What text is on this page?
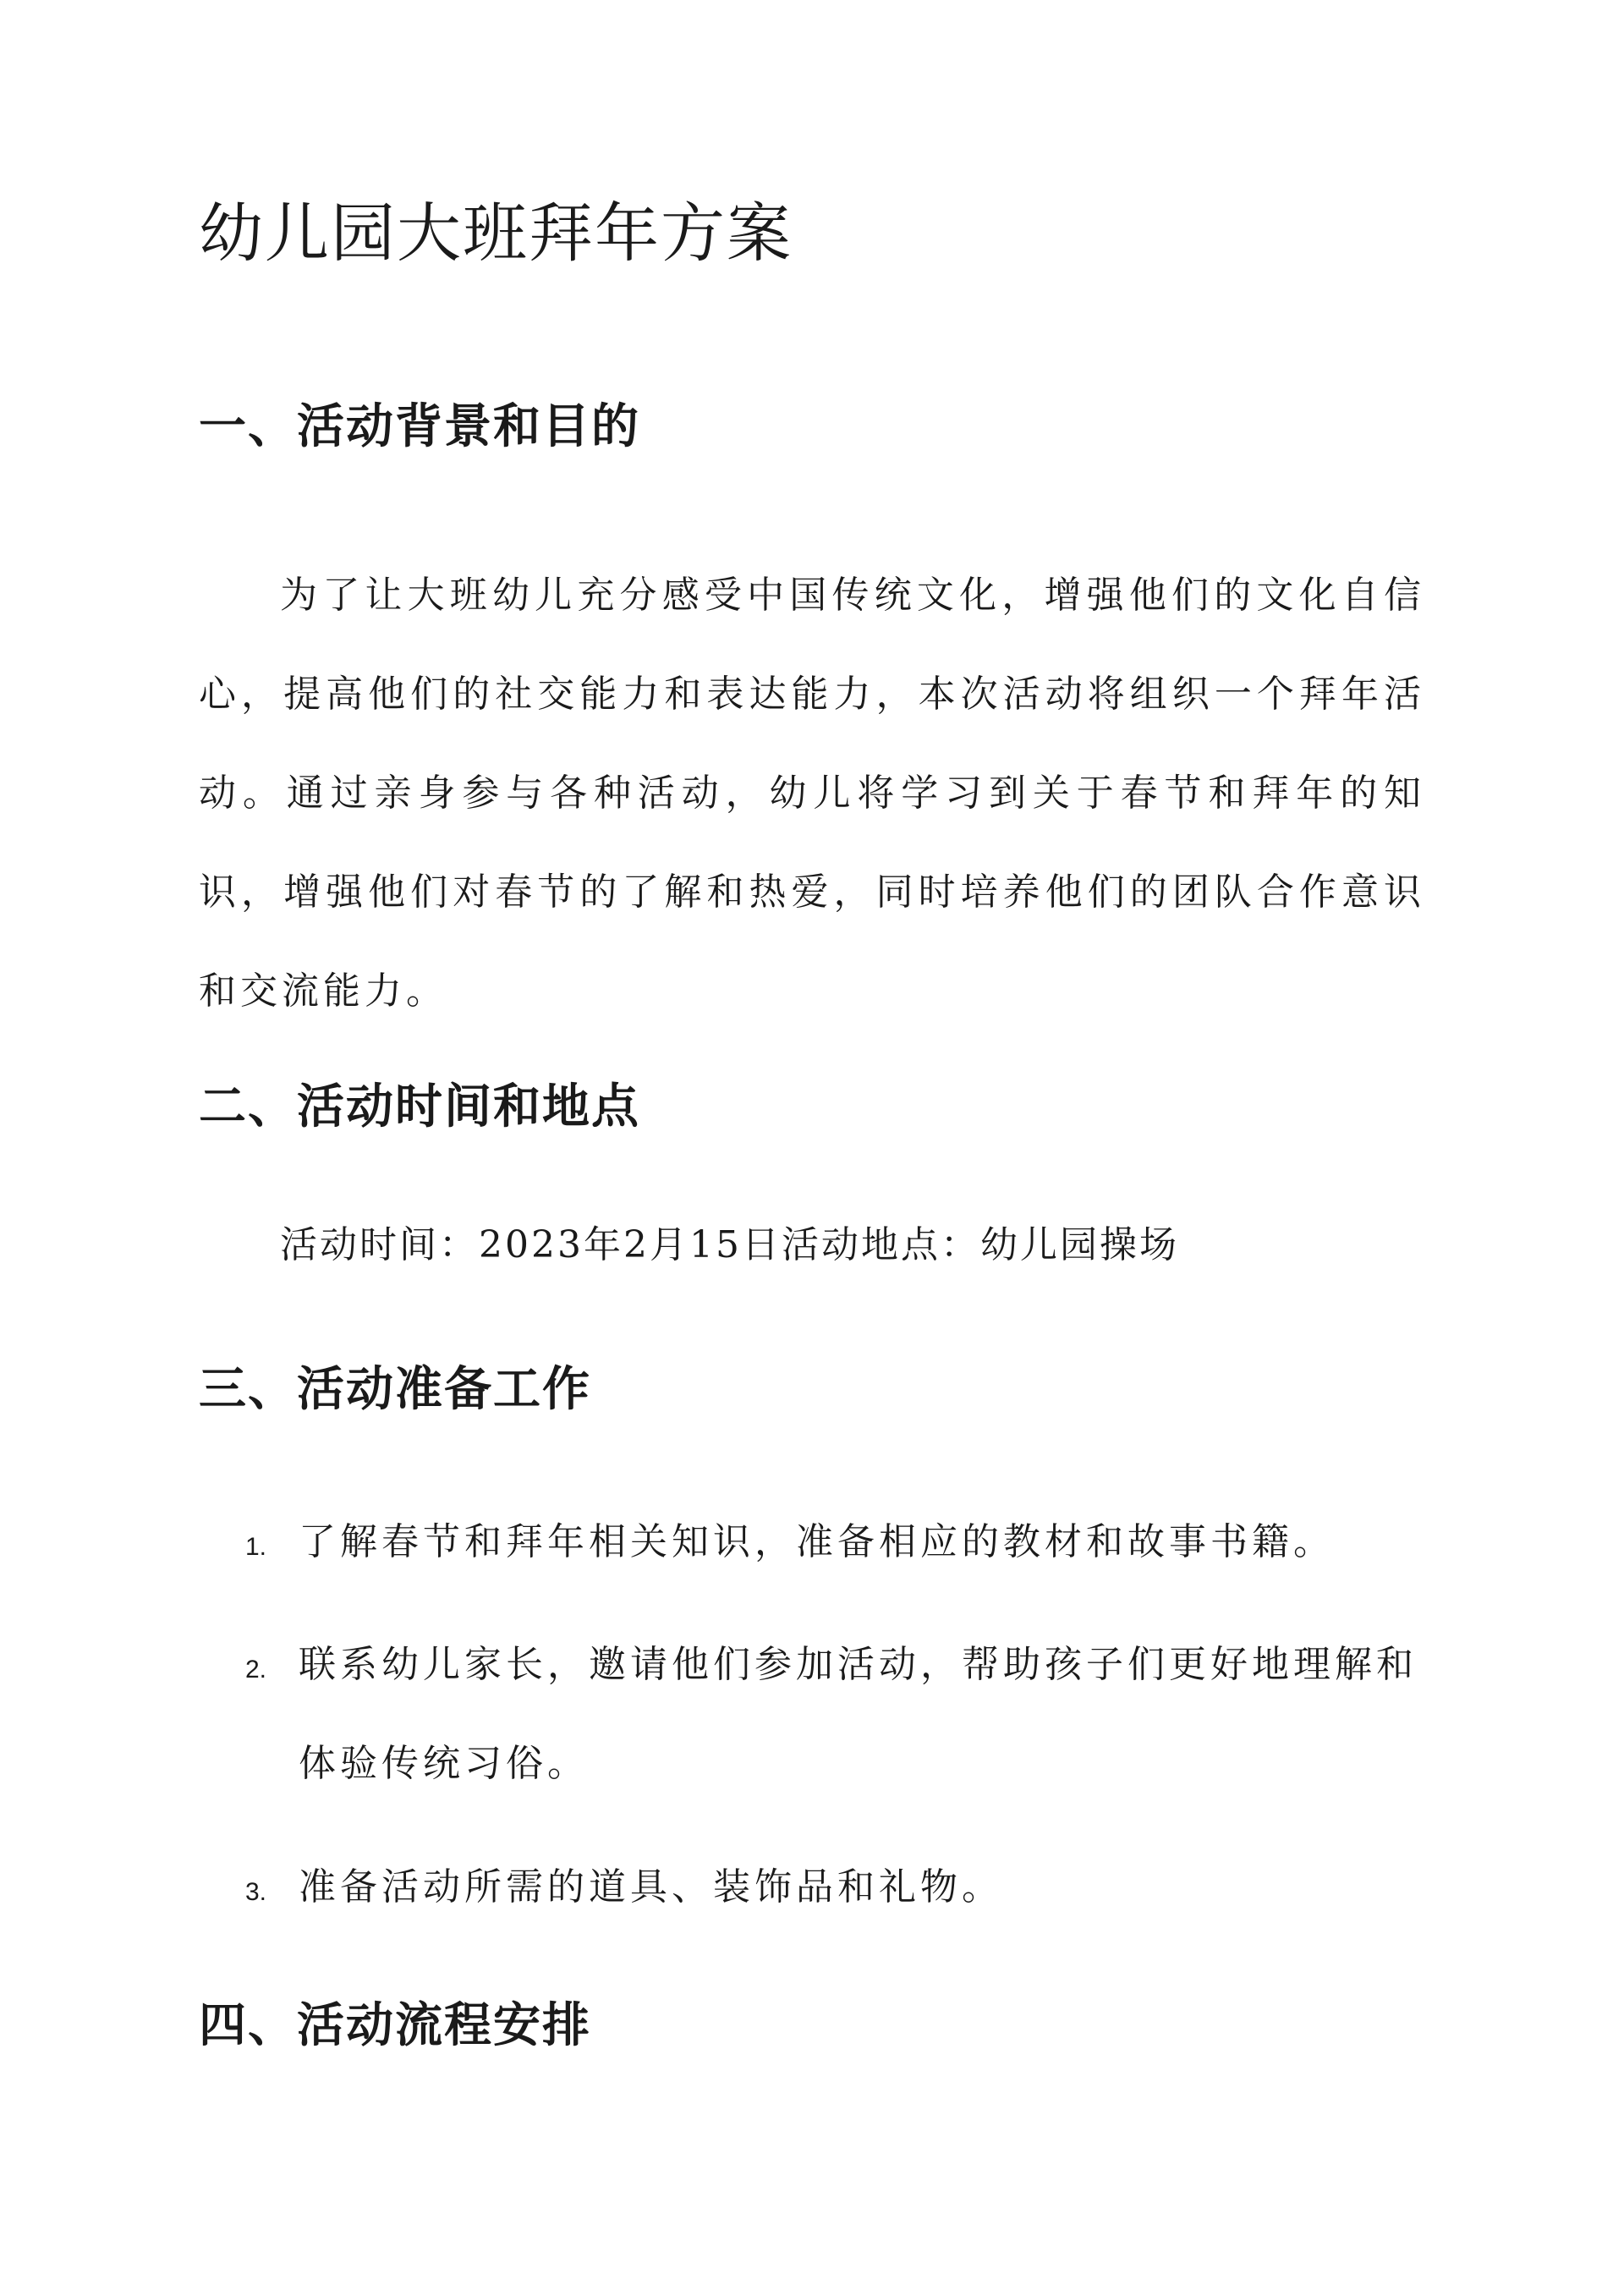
幼儿园大班拜年方案
一、活动背景和目的

为了让大班幼儿充分感受中国传统文化，增强他们的文化自信心，提高他们的社交能力和表达能力，本次活动将组织一个拜年活动。通过亲身参与各种活动，幼儿将学习到关于春节和拜年的知识，增强他们对春节的了解和热爱，同时培养他们的团队合作意识和交流能力。

二、活动时间和地点

活动时间：2023年2月15日活动地点：幼儿园操场

三、活动准备工作
1. 了解春节和拜年相关知识，准备相应的教材和故事书籍。

2. 联系幼儿家长，邀请他们参加活动，帮助孩子们更好地理解和体验传统习俗。

3. 准备活动所需的道具、装饰品和礼物。

四、活动流程安排
